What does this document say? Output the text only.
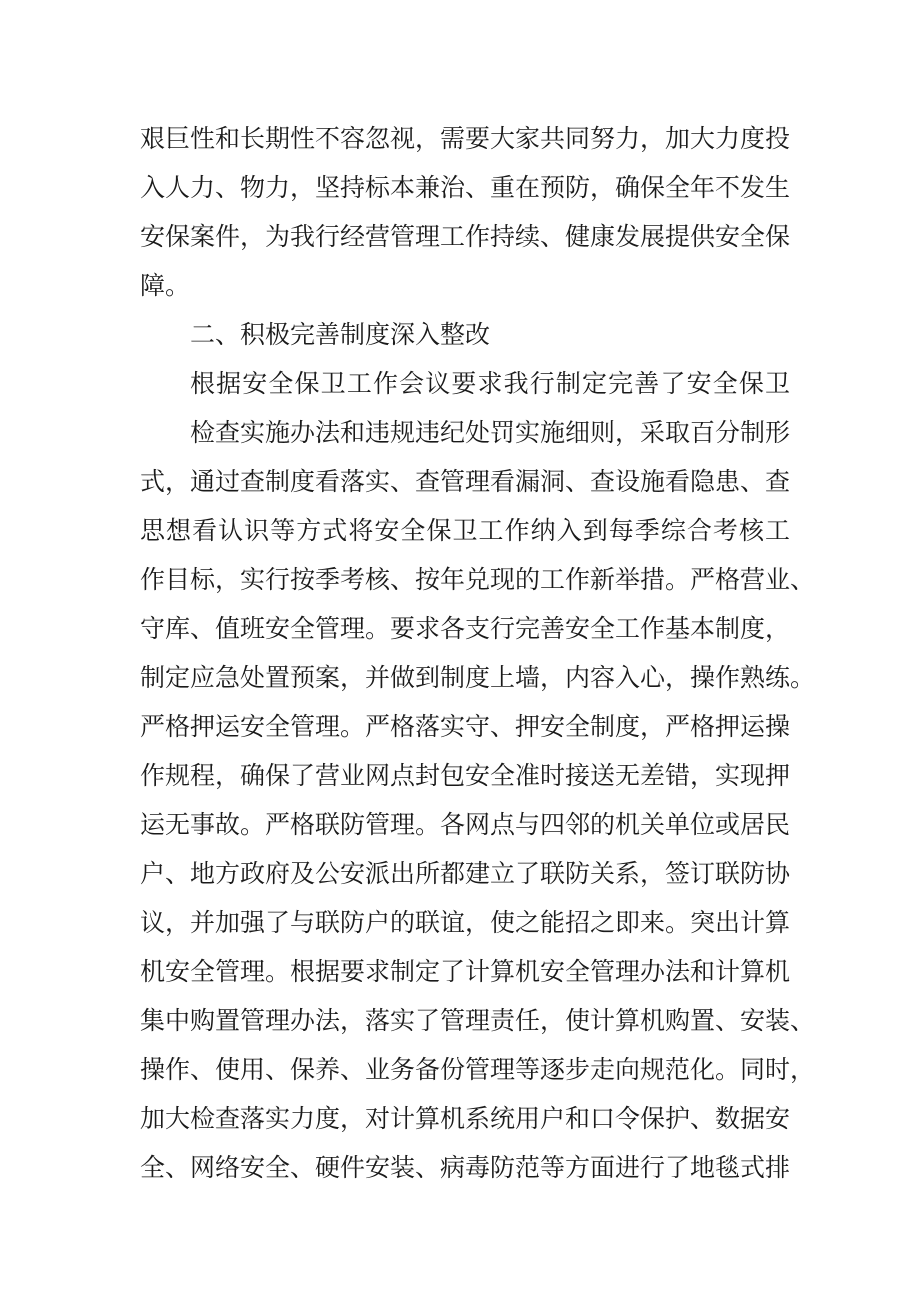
艰巨性和长期性不容忽视，需要大家共同努力，加大力度投
入人力、物力，坚持标本兼治、重在预防，确保全年不发生
安保案件，为我行经营管理工作持续、健康发展提供安全保
障。
二、积极完善制度深入整改
根据安全保卫工作会议要求我行制定完善了安全保卫
检查实施办法和违规违纪处罚实施细则，采取百分制形
式，通过查制度看落实、查管理看漏洞、查设施看隐患、查
思想看认识等方式将安全保卫工作纳入到每季综合考核工
作目标，实行按季考核、按年兑现的工作新举措。严格营业、
守库、值班安全管理。要求各支行完善安全工作基本制度，
制定应急处置预案，并做到制度上墙，内容入心，操作熟练。
严格押运安全管理。严格落实守、押安全制度，严格押运操
作规程，确保了营业网点封包安全准时接送无差错，实现押
运无事故。严格联防管理。各网点与四邻的机关单位或居民
户、地方政府及公安派出所都建立了联防关系，签订联防协
议，并加强了与联防户的联谊，使之能招之即来。突出计算
机安全管理。根据要求制定了计算机安全管理办法和计算机
集中购置管理办法，落实了管理责任，使计算机购置、安装、
操作、使用、保养、业务备份管理等逐步走向规范化。同时，
加大检查落实力度，对计算机系统用户和口令保护、数据安
全、网络安全、硬件安装、病毒防范等方面进行了地毯式排
